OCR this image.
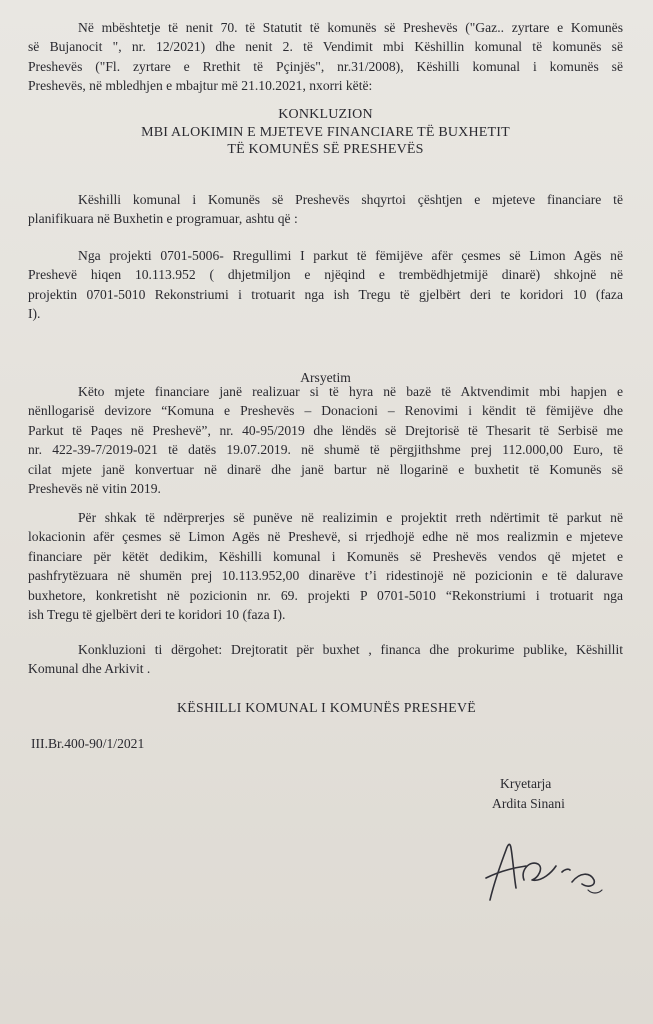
Në mbështetje të nenit 70. të Statutit të komunës së Preshevës ("Gaz.. zyrtare e Komunës
së Bujanocit ", nr. 12/2021) dhe nenit 2. të Vendimit mbi Këshillin komunal të komunës së
Preshevës ("Fl. zyrtare e Rrethit të Pçinjës", nr.31/2008), Këshilli komunal i komunës së
Preshevës, në mbledhjen e mbajtur më 21.10.2021, nxorri këtë:
KONKLUZION
MBI ALOKIMIN E MJETEVE FINANCIARE TË BUXHETIT
TË KOMUNËS SË PRESHEVËS
Këshilli komunal i Komunës së Preshevës shqyrtoi çështjen e mjeteve financiare të
planifikuara në Buxhetin e programuar, ashtu që :
Nga projekti 0701-5006- Rregullimi I parkut të fëmijëve afër çesmes së Limon Agës në
Preshevë hiqen 10.113.952 ( dhjetmiljon e njëqind e trembëdhjetmijë dinarë) shkojnë në
projektin 0701-5010 Rekonstriumi i trotuarit nga ish Tregu të gjelbërt deri te koridori 10 (faza
I).
Arsyetim
Këto mjete financiare janë realizuar si të hyra në bazë të Aktvendimit mbi hapjen e
nënllogarisë devizore “Komuna e Preshevës – Donacioni – Renovimi i këndit të fëmijëve dhe
Parkut të Paqes në Preshevë”, nr. 40-95/2019 dhe lëndës së Drejtorisë të Thesarit të Serbisë me
nr. 422-39-7/2019-021 të datës 19.07.2019. në shumë të përgjithshme prej 112.000,00 Euro, të
cilat mjete janë konvertuar në dinarë dhe janë bartur në llogarinë e buxhetit të Komunës së
Preshevës në vitin 2019.
Për shkak të ndërprerjes së punëve në realizimin e projektit rreth ndërtimit të parkut në
lokacionin afër çesmes së Limon Agës në Preshevë, si rrjedhojë edhe në mos realizmin e mjeteve
financiare për këtët dedikim, Këshilli komunal i Komunës së Preshevës vendos që mjetet e
pashfrytëzuara në shumën prej 10.113.952,00 dinarëve t’i ridestinojë në pozicionin e të dalurave
buxhetore, konkretisht në pozicionin nr. 69. projekti P 0701-5010 “Rekonstriumi i trotuarit nga
ish Tregu të gjelbërt deri te koridori 10 (faza I).
Konkluzioni ti dërgohet: Drejtoratit për buxhet , financa dhe prokurime publike, Këshillit
Komunal dhe Arkivit .
KËSHILLI KOMUNAL I KOMUNËS PRESHEVË
III.Br.400-90/1/2021
Kryetarja
Ardita Sinani
